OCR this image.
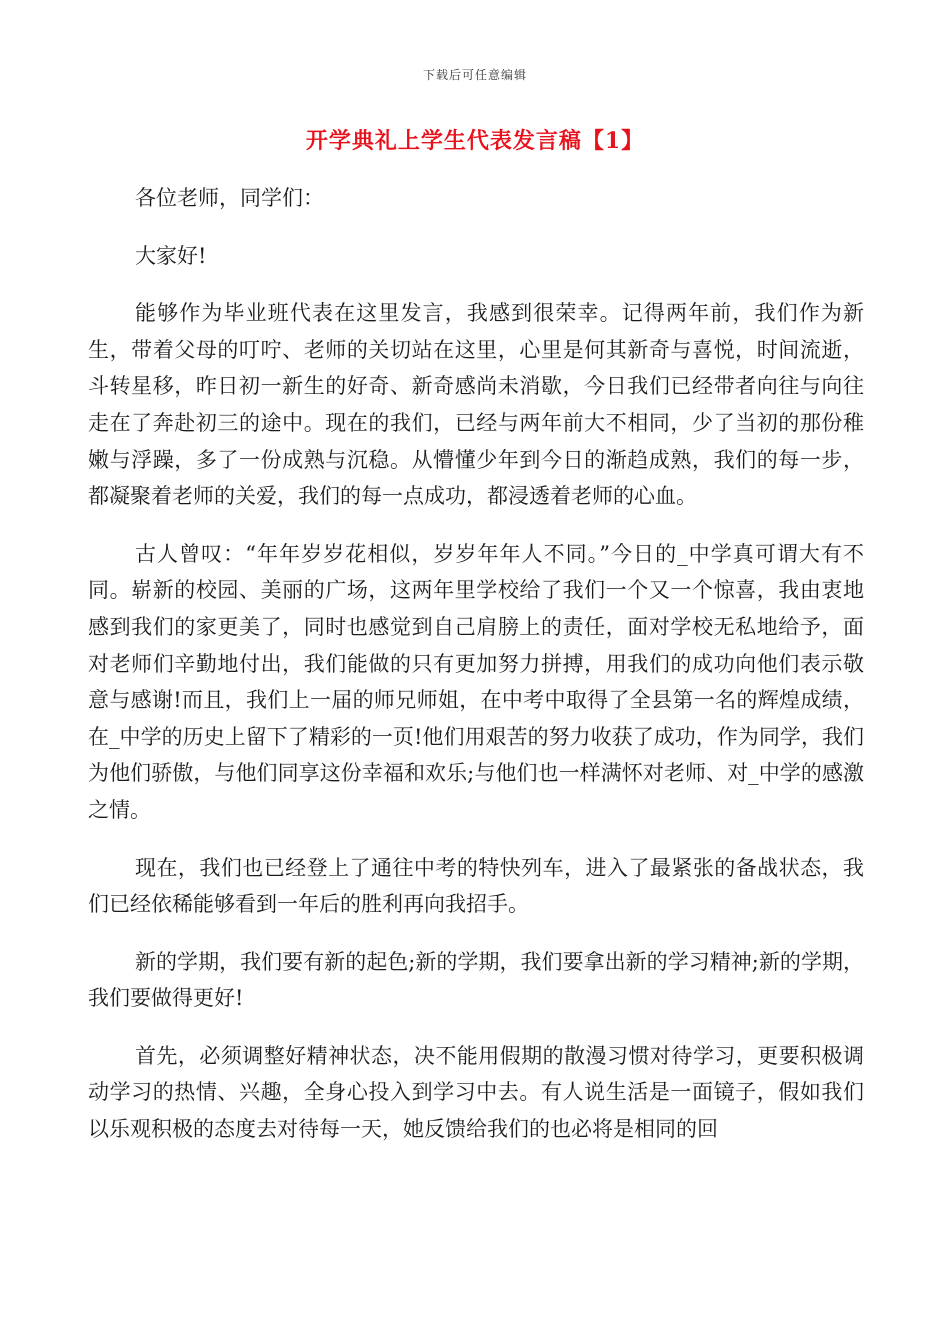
下载后可任意编辑
开学典礼上学生代表发言稿【1】

各位老师，同学们：

大家好!

能够作为毕业班代表在这里发言，我感到很荣幸。记得两年前，我们作为新生，带着父母的叮咛、老师的关切站在这里，心里是何其新奇与喜悦，时间流逝，斗转星移，昨日初一新生的好奇、新奇感尚未消歇，今日我们已经带者向往与向往走在了奔赴初三的途中。现在的我们，已经与两年前大不相同，少了当初的那份稚嫩与浮躁，多了一份成熟与沉稳。从懵懂少年到今日的渐趋成熟，我们的每一步，都凝聚着老师的关爱，我们的每一点成功，都浸透着老师的心血。

古人曾叹：“年年岁岁花相似，岁岁年年人不同。”今日的_中学真可谓大有不同。崭新的校园、美丽的广场，这两年里学校给了我们一个又一个惊喜，我由衷地感到我们的家更美了，同时也感觉到自己肩膀上的责任，面对学校无私地给予，面对老师们辛勤地付出，我们能做的只有更加努力拼搏，用我们的成功向他们表示敬意与感谢!而且，我们上一届的师兄师姐，在中考中取得了全县第一名的辉煌成绩，在_中学的历史上留下了精彩的一页!他们用艰苦的努力收获了成功，作为同学，我们为他们骄傲，与他们同享这份幸福和欢乐;与他们也一样满怀对老师、对_中学的感激之情。

现在，我们也已经登上了通往中考的特快列车，进入了最紧张的备战状态，我们已经依稀能够看到一年后的胜利再向我招手。

新的学期，我们要有新的起色;新的学期，我们要拿出新的学习精神;新的学期，我们要做得更好!

首先，必须调整好精神状态，决不能用假期的散漫习惯对待学习，更要积极调动学习的热情、兴趣，全身心投入到学习中去。有人说生活是一面镜子，假如我们以乐观积极的态度去对待每一天，她反馈给我们的也必将是相同的回
